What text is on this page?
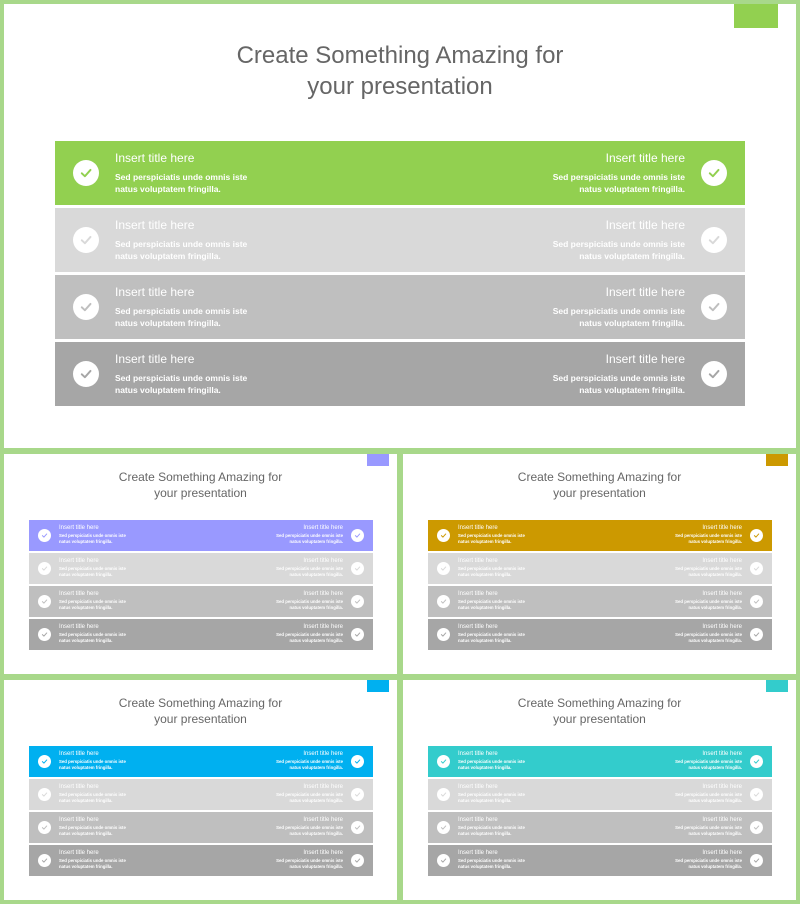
Create Something Amazing for
your presentation
Insert title here
Sed perspiciatis unde omnis iste
natus voluptatem fringilla.
Insert title here
Sed perspiciatis unde omnis iste
natus voluptatem fringilla.
Insert title here
Sed perspiciatis unde omnis iste
natus voluptatem fringilla.
Insert title here
Sed perspiciatis unde omnis iste
natus voluptatem fringilla.
Insert title here
Sed perspiciatis unde omnis iste
natus voluptatem fringilla.
Insert title here
Sed perspiciatis unde omnis iste
natus voluptatem fringilla.
Insert title here
Sed perspiciatis unde omnis iste
natus voluptatem fringilla.
Insert title here
Sed perspiciatis unde omnis iste
natus voluptatem fringilla.
Create Something Amazing for
your presentation
Insert title here
Sed perspiciatis unde omnis iste
natus voluptatem fringilla.
Insert title here
Sed perspiciatis unde omnis iste
natus voluptatem fringilla.
Insert title here
Sed perspiciatis unde omnis iste
natus voluptatem fringilla.
Insert title here
Sed perspiciatis unde omnis iste
natus voluptatem fringilla.
Insert title here
Sed perspiciatis unde omnis iste
natus voluptatem fringilla.
Insert title here
Sed perspiciatis unde omnis iste
natus voluptatem fringilla.
Insert title here
Sed perspiciatis unde omnis iste
natus voluptatem fringilla.
Insert title here
Sed perspiciatis unde omnis iste
natus voluptatem fringilla.
Create Something Amazing for
your presentation
Insert title here
Sed perspiciatis unde omnis iste
natus voluptatem fringilla.
Insert title here
Sed perspiciatis unde omnis iste
natus voluptatem fringilla.
Insert title here
Sed perspiciatis unde omnis iste
natus voluptatem fringilla.
Insert title here
Sed perspiciatis unde omnis iste
natus voluptatem fringilla.
Insert title here
Sed perspiciatis unde omnis iste
natus voluptatem fringilla.
Insert title here
Sed perspiciatis unde omnis iste
natus voluptatem fringilla.
Insert title here
Sed perspiciatis unde omnis iste
natus voluptatem fringilla.
Insert title here
Sed perspiciatis unde omnis iste
natus voluptatem fringilla.
Create Something Amazing for
your presentation
Insert title here
Sed perspiciatis unde omnis iste
natus voluptatem fringilla.
Insert title here
Sed perspiciatis unde omnis iste
natus voluptatem fringilla.
Insert title here
Sed perspiciatis unde omnis iste
natus voluptatem fringilla.
Insert title here
Sed perspiciatis unde omnis iste
natus voluptatem fringilla.
Insert title here
Sed perspiciatis unde omnis iste
natus voluptatem fringilla.
Insert title here
Sed perspiciatis unde omnis iste
natus voluptatem fringilla.
Insert title here
Sed perspiciatis unde omnis iste
natus voluptatem fringilla.
Insert title here
Sed perspiciatis unde omnis iste
natus voluptatem fringilla.
Create Something Amazing for
your presentation
Insert title here
Sed perspiciatis unde omnis iste
natus voluptatem fringilla.
Insert title here
Sed perspiciatis unde omnis iste
natus voluptatem fringilla.
Insert title here
Sed perspiciatis unde omnis iste
natus voluptatem fringilla.
Insert title here
Sed perspiciatis unde omnis iste
natus voluptatem fringilla.
Insert title here
Sed perspiciatis unde omnis iste
natus voluptatem fringilla.
Insert title here
Sed perspiciatis unde omnis iste
natus voluptatem fringilla.
Insert title here
Sed perspiciatis unde omnis iste
natus voluptatem fringilla.
Insert title here
Sed perspiciatis unde omnis iste
natus voluptatem fringilla.
